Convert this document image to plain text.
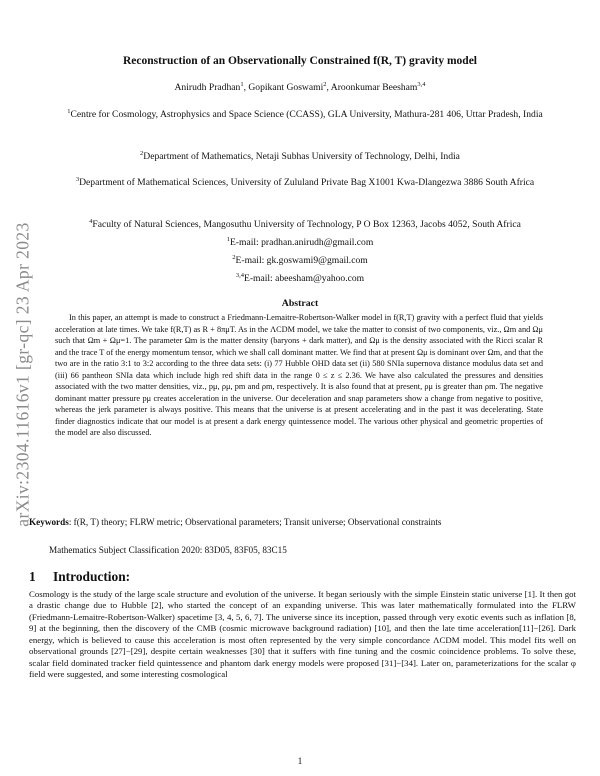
arXiv:2304.11616v1 [gr-qc] 23 Apr 2023
Reconstruction of an Observationally Constrained f(R, T) gravity model
Anirudh Pradhan$^1$, Gopikant Goswami$^2$, Aroonkumar Beesham$^{3,4}$
$^1$Centre for Cosmology, Astrophysics and Space Science (CCASS), GLA University, Mathura-281 406, Uttar Pradesh, India
$^2$Department of Mathematics, Netaji Subhas University of Technology, Delhi, India
$^3$Department of Mathematical Sciences, University of Zululand Private Bag X1001 Kwa-Dlangezwa 3886 South Africa
$^4$Faculty of Natural Sciences, Mangosuthu University of Technology, P O Box 12363, Jacobs 4052, South Africa
$^1$E-mail: pradhan.anirudh@gmail.com
$^2$E-mail: gk.goswami9@gmail.com
$^{3,4}$E-mail: abeesham@yahoo.com
Abstract

In this paper, an attempt is made to construct a Friedmann-Lemaitre-Robertson-Walker model in f(R,T) gravity with a perfect fluid that yields acceleration at late times. We take f(R,T) as R + 8πμT. As in the ΛCDM model, we take the matter to consist of two components, viz., Ωm and Ωμ such that Ωm + Ωμ=1. The parameter Ωm is the matter density (baryons + dark matter), and Ωμ is the density associated with the Ricci scalar R and the trace T of the energy momentum tensor, which we shall call dominant matter. We find that at present Ωμ is dominant over Ωm, and that the two are in the ratio 3:1 to 3:2 according to the three data sets: (i) 77 Hubble OHD data set (ii) 580 SNIa supernova distance modulus data set and (iii) 66 pantheon SNIa data which include high red shift data in the range 0 ≤ z ≤ 2.36. We have also calculated the pressures and densities associated with the two matter densities, viz., pμ, ρμ, pm and ρm, respectively. It is also found that at present, ρμ is greater than ρm. The negative dominant matter pressure pμ creates acceleration in the universe. Our deceleration and snap parameters show a change from negative to positive, whereas the jerk parameter is always positive. This means that the universe is at present accelerating and in the past it was decelerating. State finder diagnostics indicate that our model is at present a dark energy quintessence model. The various other physical and geometric properties of the model are also discussed.

Keywords: f(R, T) theory; FLRW metric; Observational parameters; Transit universe; Observational constraints
Mathematics Subject Classification 2020: 83D05, 83F05, 83C15
1 Introduction:

Cosmology is the study of the large scale structure and evolution of the universe. It began seriously with the simple Einstein static universe [1]. It then got a drastic change due to Hubble [2], who started the concept of an expanding universe. This was later mathematically formulated into the FLRW (Friedmann-Lemaitre-Robertson-Walker) spacetime [3, 4, 5, 6, 7]. The universe since its inception, passed through very exotic events such as inflation [8, 9] at the beginning, then the discovery of the CMB (cosmic microwave background radiation) [10], and then the late time acceleration[11]−[26]. Dark energy, which is believed to cause this acceleration is most often represented by the very simple concordance ΛCDM model. This model fits well on observational grounds [27]−[29], despite certain weaknesses [30] that it suffers with fine tuning and the cosmic coincidence problems. To solve these, scalar field dominated tracker field quintessence and phantom dark energy models were proposed [31]−[34]. Later on, parameterizations for the scalar φ field were suggested, and some interesting cosmological

1
